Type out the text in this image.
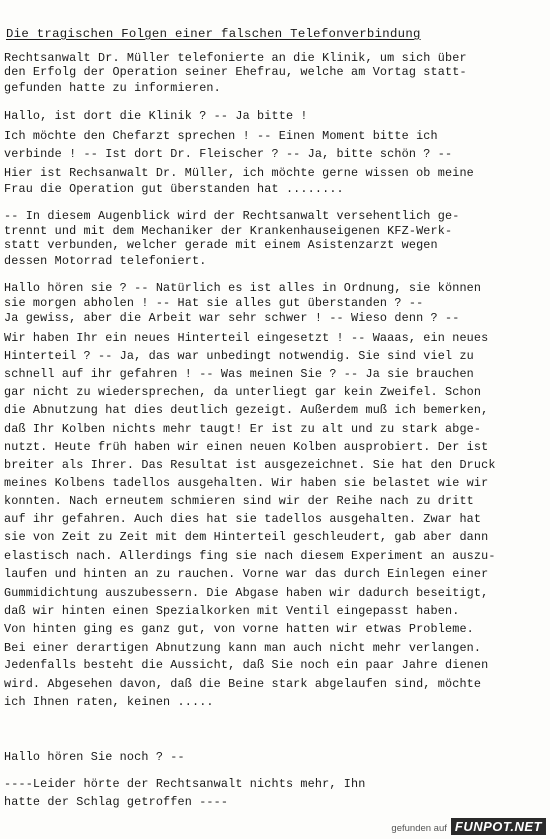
Die tragischen Folgen einer falschen Telefonverbindung
Rechtsanwalt Dr. Müller telefonierte an die Klinik, um sich über
den Erfolg der Operation seiner Ehefrau, welche am Vortag statt-
gefunden hatte zu informieren.
Hallo, ist dort die Klinik ? -- Ja bitte !
Ich möchte den Chefarzt sprechen ! -- Einen Moment bitte ich
verbinde ! -- Ist dort Dr. Fleischer ? -- Ja, bitte schön ? --
Hier ist Rechsanwalt Dr. Müller, ich möchte gerne wissen ob meine
Frau die Operation gut überstanden hat ........
-- In diesem Augenblick wird der Rechtsanwalt versehentlich ge-
trennt und mit dem Mechaniker der Krankenhauseigenen KFZ-Werk-
statt verbunden, welcher gerade mit einem Asistenzarzt wegen
dessen Motorrad telefoniert.
Hallo hören sie ? -- Natürlich es ist alles in Ordnung, sie können
sie morgen abholen ! -- Hat sie alles gut überstanden ? --
Ja gewiss, aber die Arbeit war sehr schwer ! -- Wieso denn ? --
Wir haben Ihr ein neues Hinterteil eingesetzt ! -- Waaas, ein neues
Hinterteil ? -- Ja, das war unbedingt notwendig. Sie sind viel zu
schnell auf ihr gefahren ! -- Was meinen Sie ? -- Ja sie brauchen
gar nicht zu wiedersprechen, da unterliegt gar kein Zweifel. Schon
die Abnutzung hat dies deutlich gezeigt. Außerdem muß ich bemerken,
daß Ihr Kolben nichts mehr taugt! Er ist zu alt und zu stark abge-
nutzt. Heute früh haben wir einen neuen Kolben ausprobiert. Der ist
breiter als Ihrer. Das Resultat ist ausgezeichnet. Sie hat den Druck
meines Kolbens tadellos ausgehalten. Wir haben sie belastet wie wir
konnten. Nach erneutem schmieren sind wir der Reihe nach zu dritt
auf ihr gefahren. Auch dies hat sie tadellos ausgehalten. Zwar hat
sie von Zeit zu Zeit mit dem Hinterteil geschleudert, gab aber dann
elastisch nach. Allerdings fing sie nach diesem Experiment an auszu-
laufen und hinten an zu rauchen. Vorne war das durch Einlegen einer
Gummidichtung auszubessern. Die Abgase haben wir dadurch beseitigt,
daß wir hinten einen Spezialkorken mit Ventil eingepasst haben.
Von hinten ging es ganz gut, von vorne hatten wir etwas Probleme.
Bei einer derartigen Abnutzung kann man auch nicht mehr verlangen.
Jedenfalls besteht die Aussicht, daß Sie noch ein paar Jahre dienen
wird. Abgesehen davon, daß die Beine stark abgelaufen sind, möchte
ich Ihnen raten, keinen .....
Hallo hören Sie noch ? --
----Leider hörte der Rechtsanwalt nichts mehr, Ihn
hatte der Schlag getroffen ----
gefunden auf FUNPOT.NET
